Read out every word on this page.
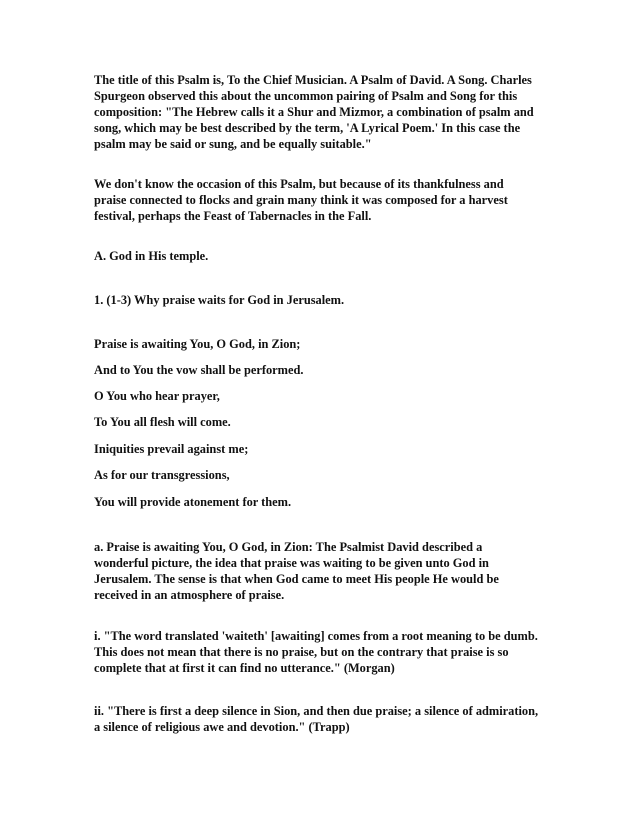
The title of this Psalm is, To the Chief Musician. A Psalm of David. A Song. Charles
Spurgeon observed this about the uncommon pairing of Psalm and Song for this
composition: "The Hebrew calls it a Shur and Mizmor, a combination of psalm and
song, which may be best described by the term, 'A Lyrical Poem.' In this case the
psalm may be said or sung, and be equally suitable."

We don't know the occasion of this Psalm, but because of its thankfulness and
praise connected to flocks and grain many think it was composed for a harvest
festival, perhaps the Feast of Tabernacles in the Fall.

A. God in His temple.

1. (1-3) Why praise waits for God in Jerusalem.

Praise is awaiting You, O God, in Zion;

And to You the vow shall be performed.

O You who hear prayer,

To You all flesh will come.

Iniquities prevail against me;

As for our transgressions,

You will provide atonement for them.

a. Praise is awaiting You, O God, in Zion: The Psalmist David described a
wonderful picture, the idea that praise was waiting to be given unto God in
Jerusalem. The sense is that when God came to meet His people He would be
received in an atmosphere of praise.

i. "The word translated 'waiteth' [awaiting] comes from a root meaning to be dumb.
This does not mean that there is no praise, but on the contrary that praise is so
complete that at first it can find no utterance." (Morgan)

ii. "There is first a deep silence in Sion, and then due praise; a silence of admiration,
a silence of religious awe and devotion." (Trapp)
